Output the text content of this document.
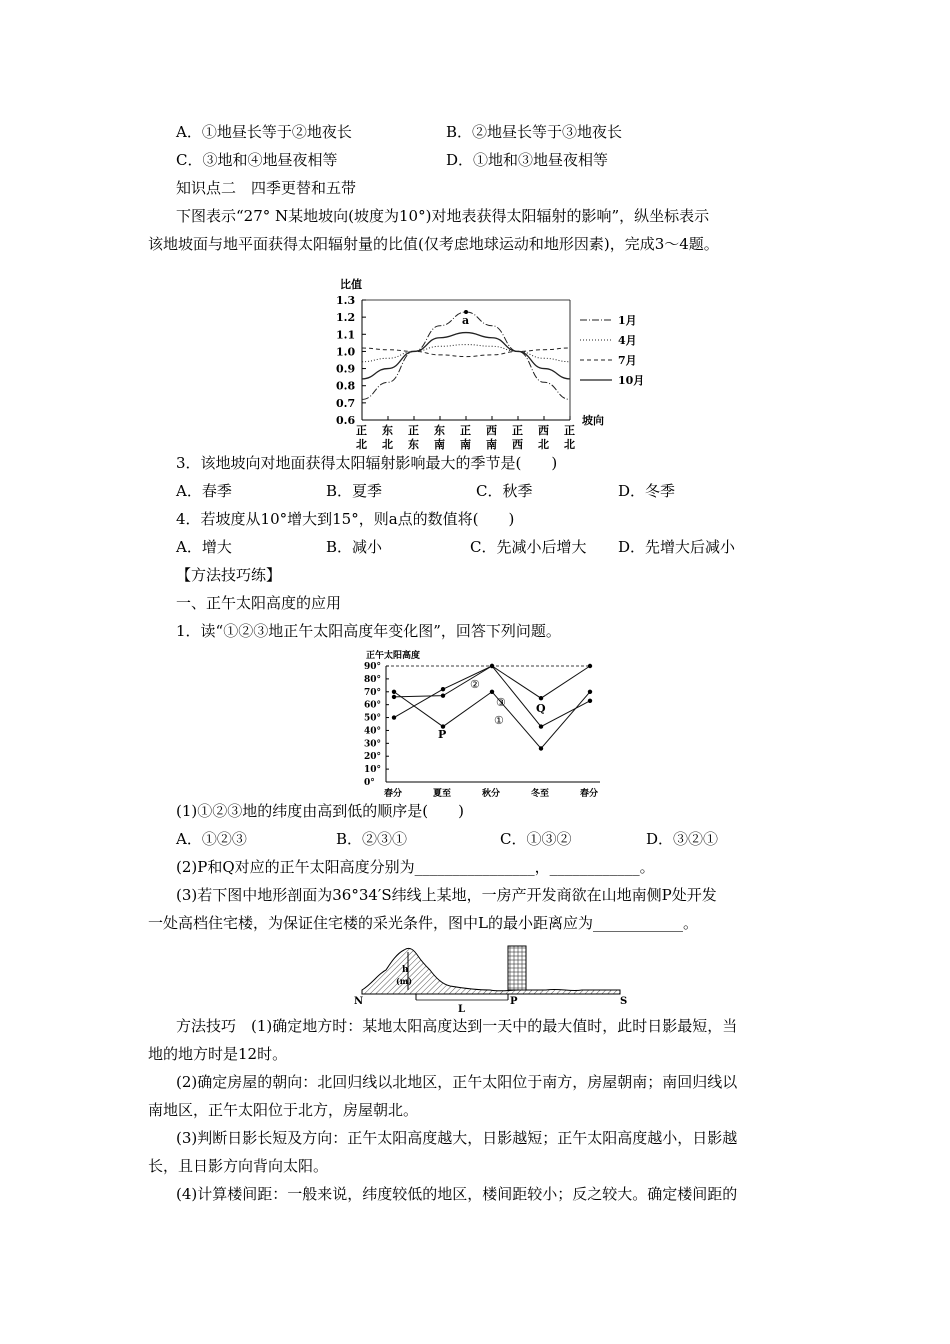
A．①地昼长等于②地夜长	B．②地昼长等于③地夜长
C．③地和④地昼夜相等	D．①地和③地昼夜相等
知识点二　四季更替和五带
下图表示“27° N某地坡向(坡度为10°)对地表获得太阳辐射的影响”，纵坐标表示
该地坡面与地平面获得太阳辐射量的比值(仅考虑地球运动和地形因素)，完成3～4题。
比值
1.3
1.2
1.1
1.0
0.9
0.8
0.7
0.6
正
北
东
北
正
东
东
南
正
南
西
南
正
西
西
北
正
北
a	1月
4月
7月
10月
坡向
3．该地坡向对地面获得太阳辐射影响最大的季节是(　　)
A．春季	B．夏季	C．秋季	D．冬季
4．若坡度从10°增大到15°，则a点的数值将(　　)
A．增大	B．减小	C．先减小后增大 D．先增大后减小
【方法技巧练】
一、正午太阳高度的应用
1．读“①②③地正午太阳高度年变化图”，回答下列问题。
正午太阳高度
90°
80°
70°
60°
50°
40°
30°
20°
10°
0°
春分	夏至	秋分	冬至	春分
P
Q
①
②
③
(1)①②③地的纬度由高到低的顺序是(　　)
A．①②③	B．②③①	C．①③②	D．③②①
(2)P和Q对应的正午太阳高度分别为________________，____________。
(3)若下图中地形剖面为36°34′S纬线上某地，一房产开发商欲在山地南侧P处开发
一处高档住宅楼，为保证住宅楼的采光条件，图中L的最小距离应为____________。
h
(m)
N
L
P	S
方法技巧　(1)确定地方时：某地太阳高度达到一天中的最大值时，此时日影最短，当
地的地方时是12时。
(2)确定房屋的朝向：北回归线以北地区，正午太阳位于南方，房屋朝南；南回归线以
南地区，正午太阳位于北方，房屋朝北。
(3)判断日影长短及方向：正午太阳高度越大，日影越短；正午太阳高度越小，日影越
长，且日影方向背向太阳。
(4)计算楼间距：一般来说，纬度较低的地区，楼间距较小；反之较大。确定楼间距的
